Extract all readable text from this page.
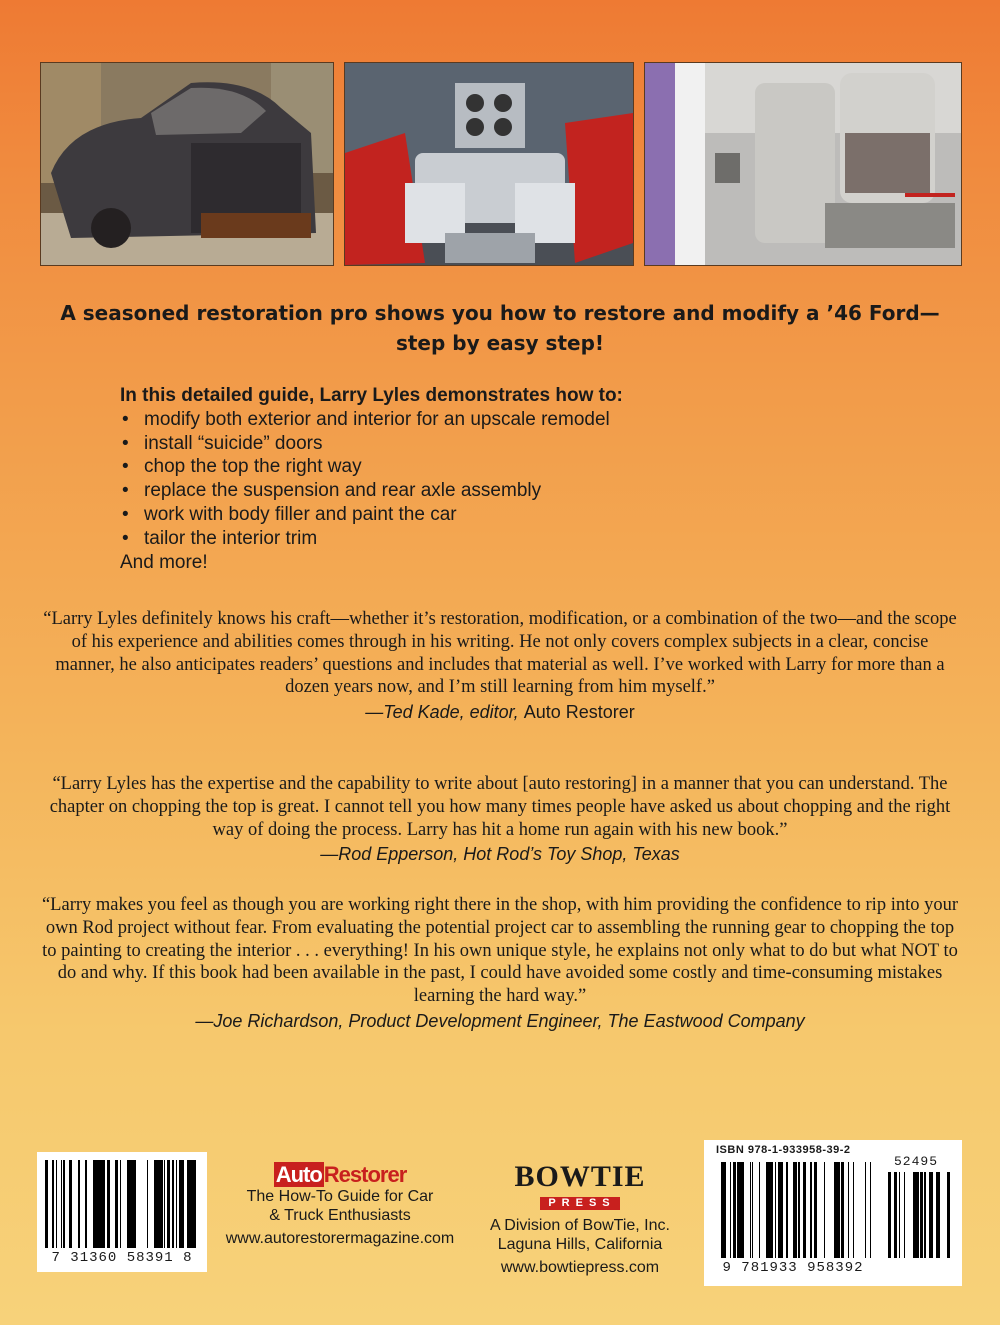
A seasoned restoration pro shows you how to restore and modify a ’46 Ford—step by easy step!
In this detailed guide, Larry Lyles demonstrates how to:
• modify both exterior and interior for an upscale remodel
• install “suicide” doors
• chop the top the right way
• replace the suspension and rear axle assembly
• work with body filler and paint the car
• tailor the interior trim
And more!

“Larry Lyles definitely knows his craft—whether it’s restoration, modification, or a combination of the two—and the scope of his experience and abilities comes through in his writing. He not only covers complex subjects in a clear, concise manner, he also anticipates readers’ questions and includes that material as well. I’ve worked with Larry for more than a dozen years now, and I’m still learning from him myself.”

—Ted Kade, editor, Auto Restorer

“Larry Lyles has the expertise and the capability to write about [auto restoring] in a manner that you can understand. The chapter on chopping the top is great. I cannot tell you how many times people have asked us about chopping and the right way of doing the process. Larry has hit a home run again with his new book.”

—Rod Epperson, Hot Rod’s Toy Shop, Texas

“Larry makes you feel as though you are working right there in the shop, with him providing the confidence to rip into your own Rod project without fear. From evaluating the potential project car to assembling the running gear to chopping the top to painting to creating the interior . . . everything! In his own unique style, he explains not only what to do but what NOT to do and why. If this book had been available in the past, I could have avoided some costly and time-consuming mistakes learning the hard way.”

—Joe Richardson, Product Development Engineer, The Eastwood Company

7 31360 58391 8
AutoRestorer
The How-To Guide for Car
& Truck Enthusiasts
www.autorestorermagazine.com
BOWTIE
PRESS
A Division of BowTie, Inc.
Laguna Hills, California
www.bowtiepress.com
ISBN 978-1-933958-39-2
52495
9 781933 958392
